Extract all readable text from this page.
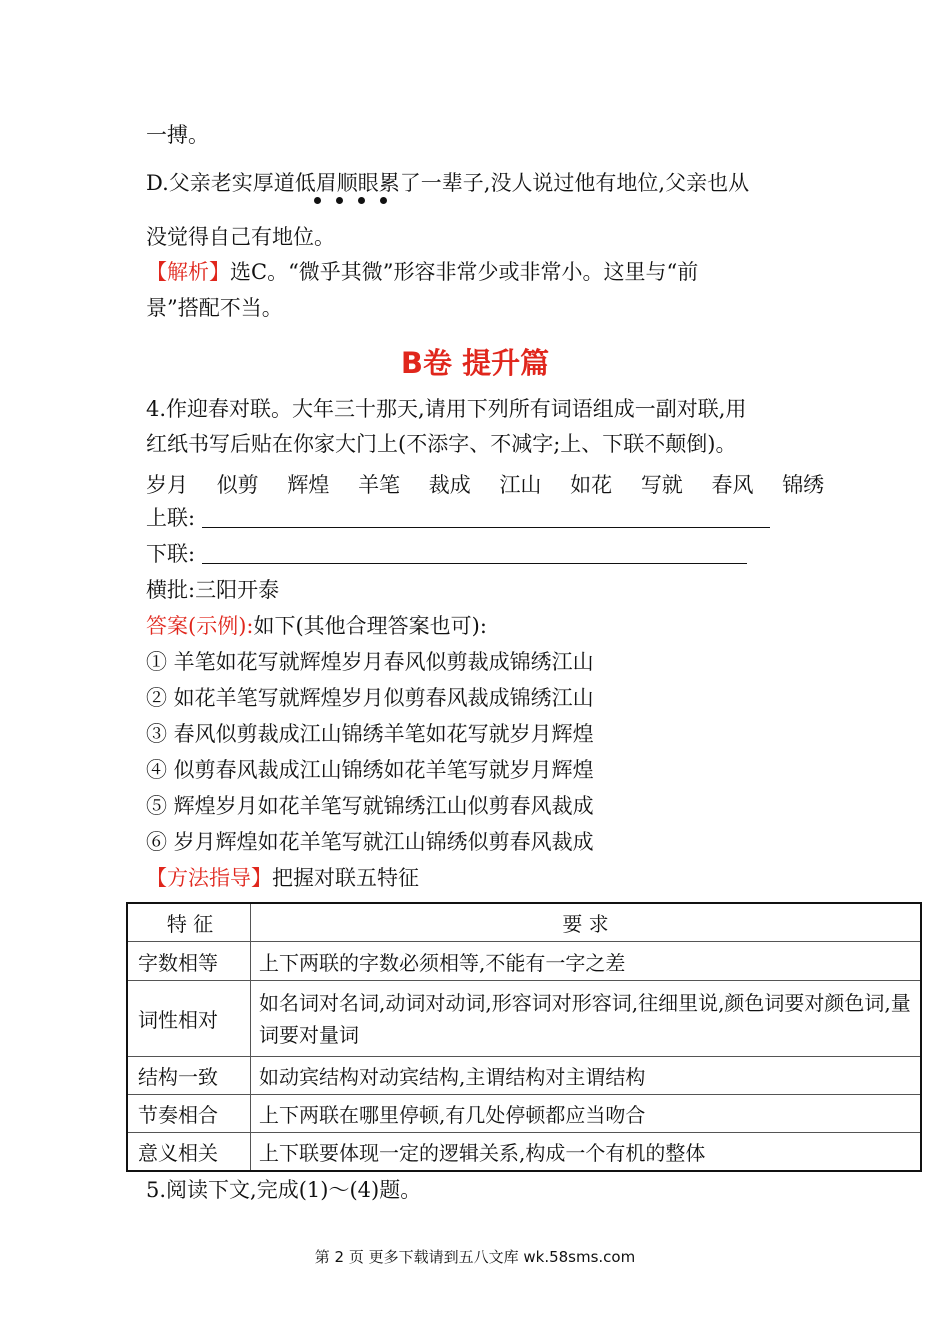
一搏。
D.父亲老实厚道低眉顺眼累了一辈子,没人说过他有地位,父亲也从
没觉得自己有地位。
【解析】选C。“微乎其微”形容非常少或非常小。这里与“前
景”搭配不当。
B卷 提升篇
4.作迎春对联。大年三十那天,请用下列所有词语组成一副对联,用
红纸书写后贴在你家大门上(不添字、不减字;上、下联不颠倒)。
岁月 似剪 辉煌 羊笔 裁成 江山 如花 写就 春风 锦绣
上联:
下联:
横批:三阳开泰
答案(示例):如下(其他合理答案也可):
① 羊笔如花写就辉煌岁月春风似剪裁成锦绣江山
② 如花羊笔写就辉煌岁月似剪春风裁成锦绣江山
③ 春风似剪裁成江山锦绣羊笔如花写就岁月辉煌
④ 似剪春风裁成江山锦绣如花羊笔写就岁月辉煌
⑤ 辉煌岁月如花羊笔写就锦绣江山似剪春风裁成
⑥ 岁月辉煌如花羊笔写就江山锦绣似剪春风裁成
【方法指导】把握对联五特征
特 征	要 求
字数相等	上下两联的字数必须相等,不能有一字之差
词性相对	如名词对名词,动词对动词,形容词对形容词,往细里说,颜色词要对颜色词,量词要对量词
结构一致	如动宾结构对动宾结构,主谓结构对主谓结构
节奏相合	上下两联在哪里停顿,有几处停顿都应当吻合
意义相关	上下联要体现一定的逻辑关系,构成一个有机的整体
5.阅读下文,完成(1)～(4)题。
第 2 页 更多下载请到五八文库 wk.58sms.com
